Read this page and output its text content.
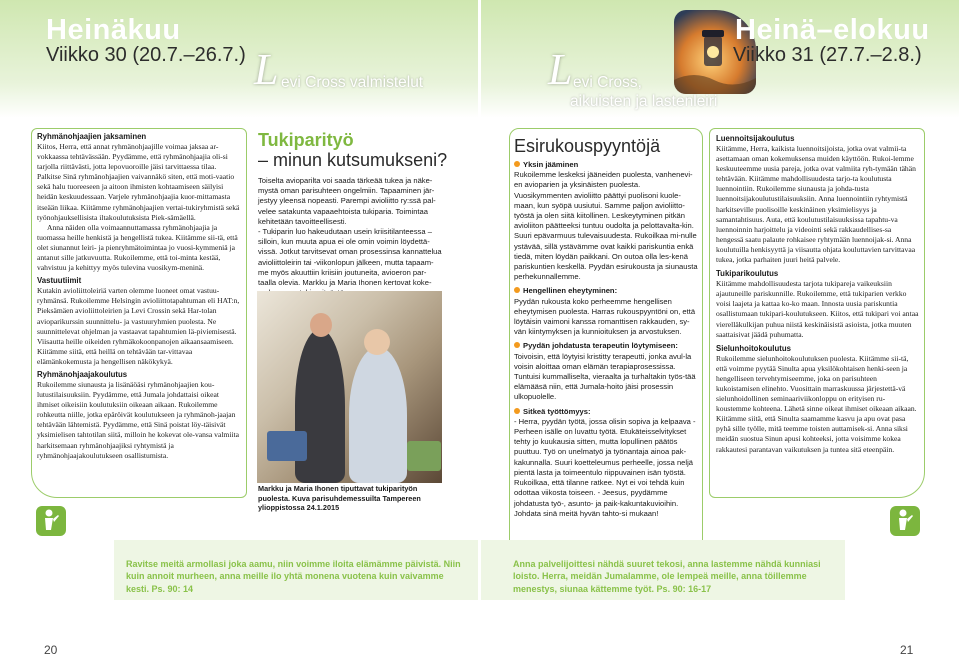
Heinäkuu
Viikko 30 (20.7.–26.7.) L evi Cross valmistelut
Heinä–elokuu
Viikko 31 (27.7.–2.8.)
L evi Cross,
aikuisten ja lastenleiri
Ryhmänohjaajien jaksaminen

Kiitos, Herra, että annat ryhmänohjaajille voimaa jaksaa ar-vokkaassa tehtävässään. Pyydämme, että ryhmänohjaajia oli-si tarjolla riittävästi, jotta lepovuoroille jäisi tarvittaessa tilaa. Palkitse Sinä ryhmänohjaajien vaivannäkö siten, että moti-vaatio sekä halu tuoreeseen ja aitoon ihmisten kohtaamiseen säilyisi heidän keskuudessaan. Varjele ryhmänohjaajia kuor-mittamasta itseään liikaa. Kiitämme ryhmänohjaajien vertai-tukiryhmistä sekä työnohjauksellisista iltakoulutuksista Piek-sämäellä.

Anna näiden olla voimaannuttamassa ryhmänohjaajia ja tuomassa heille henkistä ja hengellistä tukea. Kiitämme sii-tä, että olet siunannut leiri- ja pienryhmätoimintaa jo vuosi-kymmeniä ja antanut sille jatkuvuutta. Rukoilemme, että toi-minta kestää, vahvistuu ja kehittyy myös tulevina vuosikym-meninä.

Vastuutiimit

Kutakin avioliittoleiriä varten olemme luoneet omat vastuu-ryhmänsä. Rukoilemme Helsingin avioliittotapahtuman eli HAT:n, Pieksämäen avioliittoleirien ja Levi Crossin sekä Har-tolan avioparikurssin suunnittelu- ja vastuuryhmien puolesta. Ne suunnittelevat ohjelman ja vastaavat tapahtumien lä-piviemisestä. Viisautta heille oikeiden ryhmäkokoonpanojen aikaansaamiseen. Kiitämme siitä, että heillä on tehtävään tar-vittavaa elämänkokemusta ja hengellisen näkökykyä.

Ryhmänohjaajakoulutus

Rukoilemme siunausta ja lisänäöäsi ryhmänohjaajien kou-lutustilaisuuksiin. Pyydämme, että Jumala johdattaisi oikeat ihmiset oikeisiin koulutuksiin oikeaan aikaan. Rukoilemme rohkeutta niille, jotka epäröivät koulutukseen ja ryhmänoh-jaajan tehtävään lähtemistä. Pyydämme, että Sinä poistat löy-täisivät yksimielisen tahtotilan siitä, milloin he kokevat ole-vansa valmiita harkitsemaan ryhmänohjaajiksi ryhtymistä ja ryhmänohjaajakoulutukseen osallistumista.

Tukiparityö
– minun kutsumukseni?

Toiselta avioparilta voi saada tärkeää tukea ja näke-mystä oman parisuhteen ongelmiin. Tapaaminen jär-jestyy yleensä nopeasti. Parempi avioliitto ry:ssä pal-velee satakunta vapaaehtoista tukiparia. Toimintaa kehitetään tavoitteellisesti.

- Tukiparin luo hakeudutaan usein kriisitilanteessa – silloin, kun muuta apua ei ole omin voimin löydettä-vissä. Jotkut tarvitsevat oman prosessinsa kannattelua avioliittoleirin tai -viikonlopun jälkeen, mutta tapaam-me myös akuuttiin kriisiin joutuneita, avioeron par-taalla olevia. Markku ja Maria Ihonen kertovat koke-

Markku ja Maria Ihonen tiputtavat tukiparityön puolesta. Kuva parisuhdemessuilta Tampereen ylioppistossa 24.1.2015
Esirukouspyyntöjä

Yksin jääminen
Rukoilemme leskeksi jääneiden puolesta, vanhenevi-en avioparien ja yksinäisten puolesta. Vuosikymmenten avioliitto päättyi puolisoni kuole-maan, kun syöpä uusiutui. Samme paljon avioliitto-työstä ja olen siitä kiitollinen. Leskeytyminen pitkän avioliiton päätteeksi tuntuu oudolta ja pelottavalta-kin. Suuri epävarmuus tulevaisuudesta. Rukoilkaa mi-nulle ystävää, sillä ystävämme ovat kaikki pariskuntia enkä tiedä, miten löydän paikkani. On outoa olla les-kenä pariskuntien keskellä. Pyydän esirukousta ja siunausta perhekunnallemme.

Hengellinen eheytyminen:
Pyydän rukousta koko perheemme hengellisen eheytymisen puolesta. Harras rukouspyyntöni on, että löytäisin vaimoni kanssa romanttisen rakkauden, sy-vän kiintymyksen ja kunnioituksen ja arvostuksen.

Pyydän johdatusta terapeutin löytymiseen:
Toivoisin, että löytyisi kristitty terapeutti, jonka avul-la voisin aloittaa oman elämän terapiaprosessissa. Tuntuisi kummalliselta, vieraalta ja turhaltakin työs-tää elämääsä niin, että Jumala-hoito jäisi prosessin ulkopuolelle.

Sitkeä työttömyys:
- Herra, pyydän työtä, jossa olisin sopiva ja kelpaava - Perheen isälle on luvattu työtä. Etukäteisselvitykset tehty jo kuukausia sitten, mutta lopullinen päätös puuttuu. Työ on unelmatyö ja työnantaja ainoa pak-kakunnalla. Suuri koetteleumus perheelle, jossa neljä pientä lasta ja toimeentulo riippuvainen isän työstä. Rukoilkaa, että tilanne ratkee. Nyt ei voi tehdä kuin odottaa viikosta toiseen. - Jeesus, pyydämme johdatusta työ-, asunto- ja paik-kakuntakuvioihin. Johdata sinä meitä hyvän tahto-si mukaan!

Luennoitsijakoulutus

Kiitämme, Herra, kaikista luennoitsijoista, jotka ovat valmii-ta asettamaan oman kokemuksensa muiden käyttöön. Rukoi-lemme keskuuteemme uusia pareja, jotka ovat valmiita ryh-tymään tähän tehtävään. Kiitämme mahdollisuudesta tarjo-ta koulutusta luennointiin. Rukoilemme siunausta ja johda-tusta luennoitsijakoulutustilaisuuksiin. Anna luennointiin ryhtymistä harkitseville puolisoille keskinäinen yksimielisyys ja samantahtisuus. Auta, että koulutustilaisuuksissa tapahtu-va luennoinnin harjoittelu ja videointi sekä rakkaudellises-sa hengessä saatu palaute rohkaisee ryhtymään luennoijak-si. Anna koulutuilla henkisyyttä ja viisautta ohjata kouluttavien tarvittavaa tukea, jotka parhaiten juuri heitä palvele.

Tukiparikoulutus

Kiitämme mahdollisuudesta tarjota tukipareja vaikeuksiin ajautuneille pariskunnille. Rukoilemme, että tukiparien verkko voisi laajeta ja kattaa ko-ko maan. Innosta uusia pariskuntia osallistumaan tukipari-koulutukseen. Kiitos, että tukipari voi antaa vierelläkulkijan puhua niistä keskinäisistä asioista, jotka muuten saattaisivat jäädä puhumatta.

Sielunhoitokoulutus

Rukoilemme sielunhoitokoulutuksen puolesta. Kiitämme sii-tä, että voimme pyytää Sinulta apua yksilökohtaisen henki-seen ja hengelliseen tervehtymiseemme, joka on parisuhteen kukoistamisen elinehto. Vuosittain marraskuussa järjestettä-vä sielunhoidollinen seminaariviikonloppu on erityisen ru-koustemme kohteena. Lähetä sinne oikeat ihmiset oikeaan aikaan. Kiitämme siitä, että Sinulta saamamme kasvu ja apu ovat pasa pyhä sille työlle, mitä teemme toisten auttamisek-si. Anna siksi meidän suostua Sinun apusi kohteeksi, jotta voisimme kokea rakkautesi parantavan vaikutuksen ja tuntea sitä eteenpäin.

Ravitse meitä armollasi joka aamu, niin voimme iloita elämämme päivistä. Niin kuin annoit murheen, anna meille ilo yhtä monena vuotena kuin vaivamme kesti. Ps. 90: 14
Anna palvelijoittesi nähdä suuret tekosi, anna lastemme nähdä kunniasi loisto. Herra, meidän Jumalamme, ole lempeä meille, anna töillemme menestys, siunaa kättemme työt. Ps. 90: 16-17
20	21
